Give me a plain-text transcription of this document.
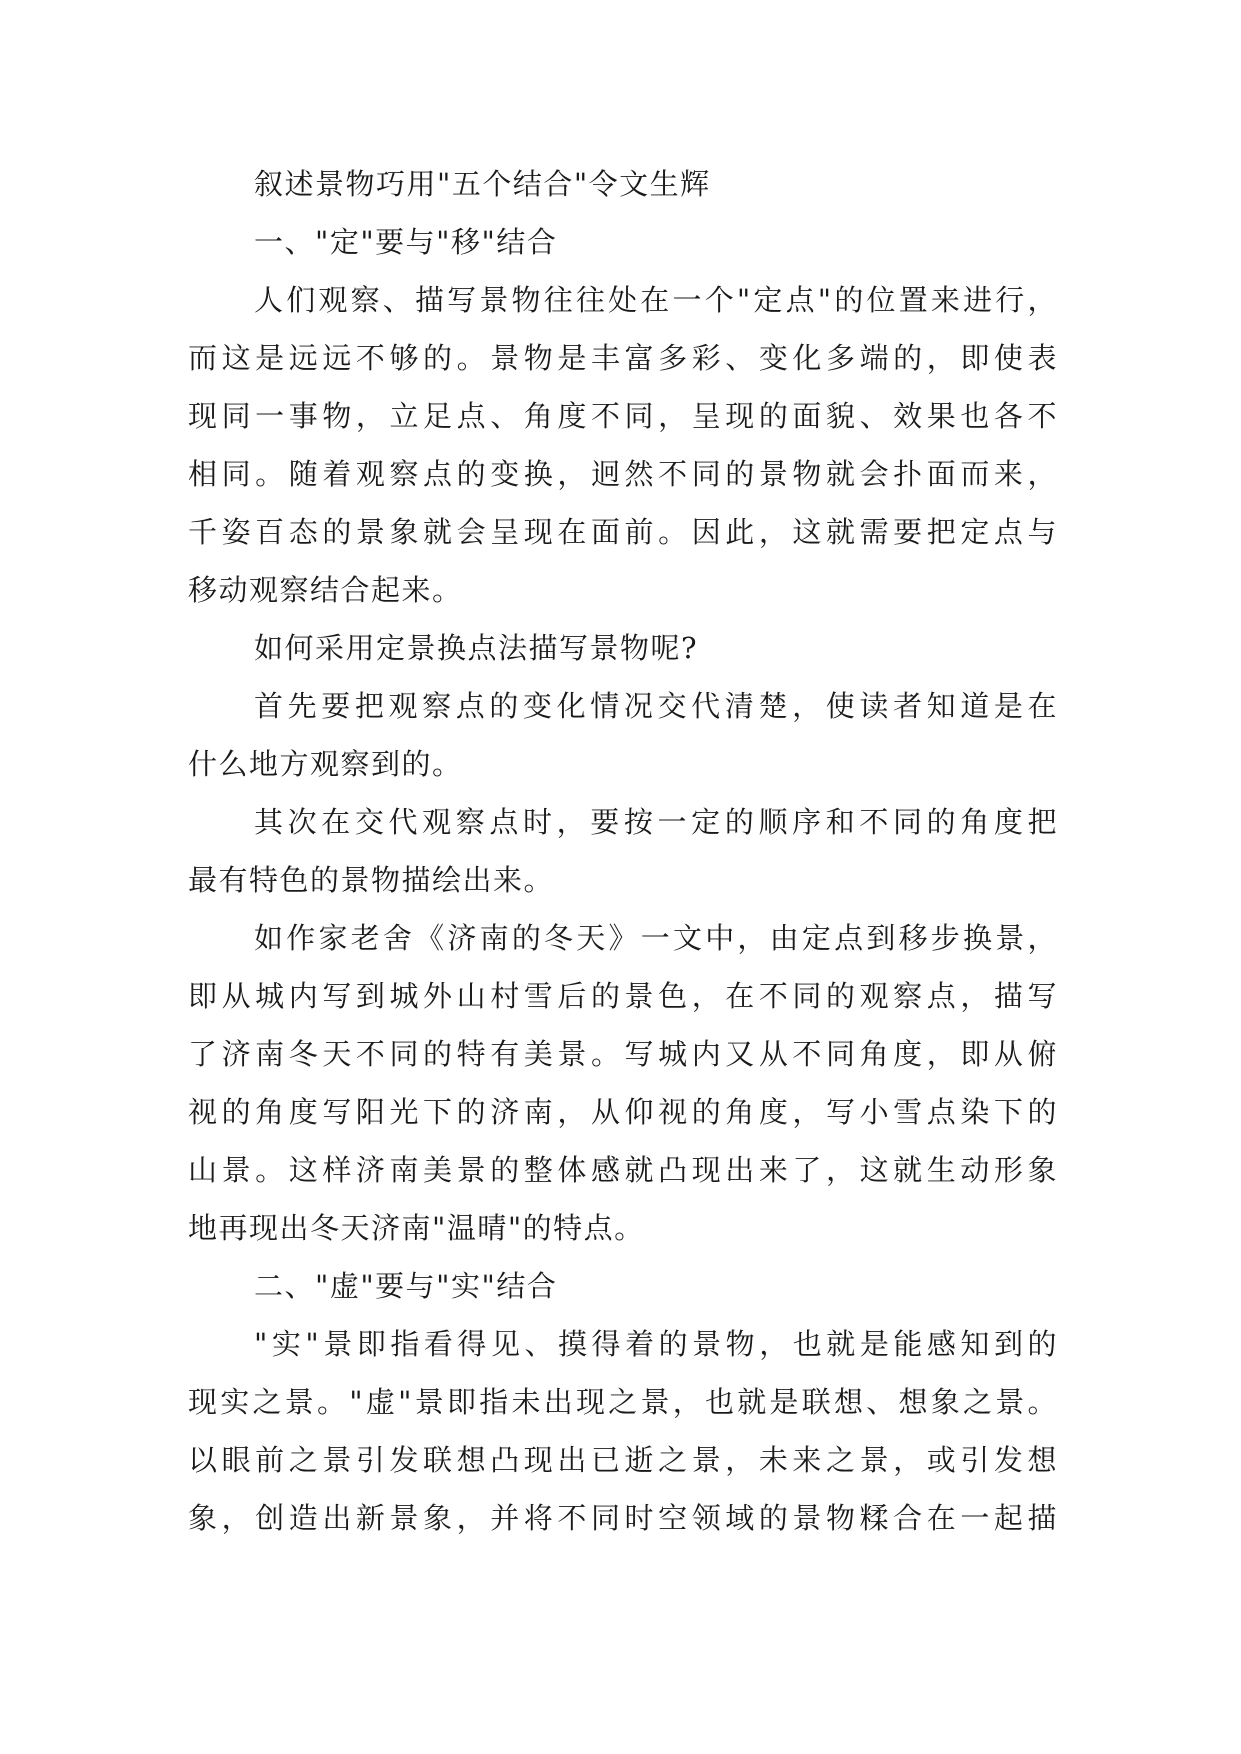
叙述景物巧用"五个结合"令文生辉

一、"定"要与"移"结合

人们观察、描写景物往往处在一个"定点"的位置来进行，

而这是远远不够的。景物是丰富多彩、变化多端的，即使表

现同一事物，立足点、角度不同，呈现的面貌、效果也各不

相同。随着观察点的变换，迥然不同的景物就会扑面而来，

千姿百态的景象就会呈现在面前。因此，这就需要把定点与

移动观察结合起来。

如何采用定景换点法描写景物呢?

首先要把观察点的变化情况交代清楚，使读者知道是在

什么地方观察到的。

其次在交代观察点时，要按一定的顺序和不同的角度把

最有特色的景物描绘出来。

如作家老舍《济南的冬天》一文中，由定点到移步换景，

即从城内写到城外山村雪后的景色，在不同的观察点，描写

了济南冬天不同的特有美景。写城内又从不同角度，即从俯

视的角度写阳光下的济南，从仰视的角度，写小雪点染下的

山景。这样济南美景的整体感就凸现出来了，这就生动形象

地再现出冬天济南"温晴"的特点。

二、"虚"要与"实"结合

"实"景即指看得见、摸得着的景物，也就是能感知到的

现实之景。"虚"景即指未出现之景，也就是联想、想象之景。

以眼前之景引发联想凸现出已逝之景，未来之景，或引发想

象，创造出新景象，并将不同时空领域的景物糅合在一起描
